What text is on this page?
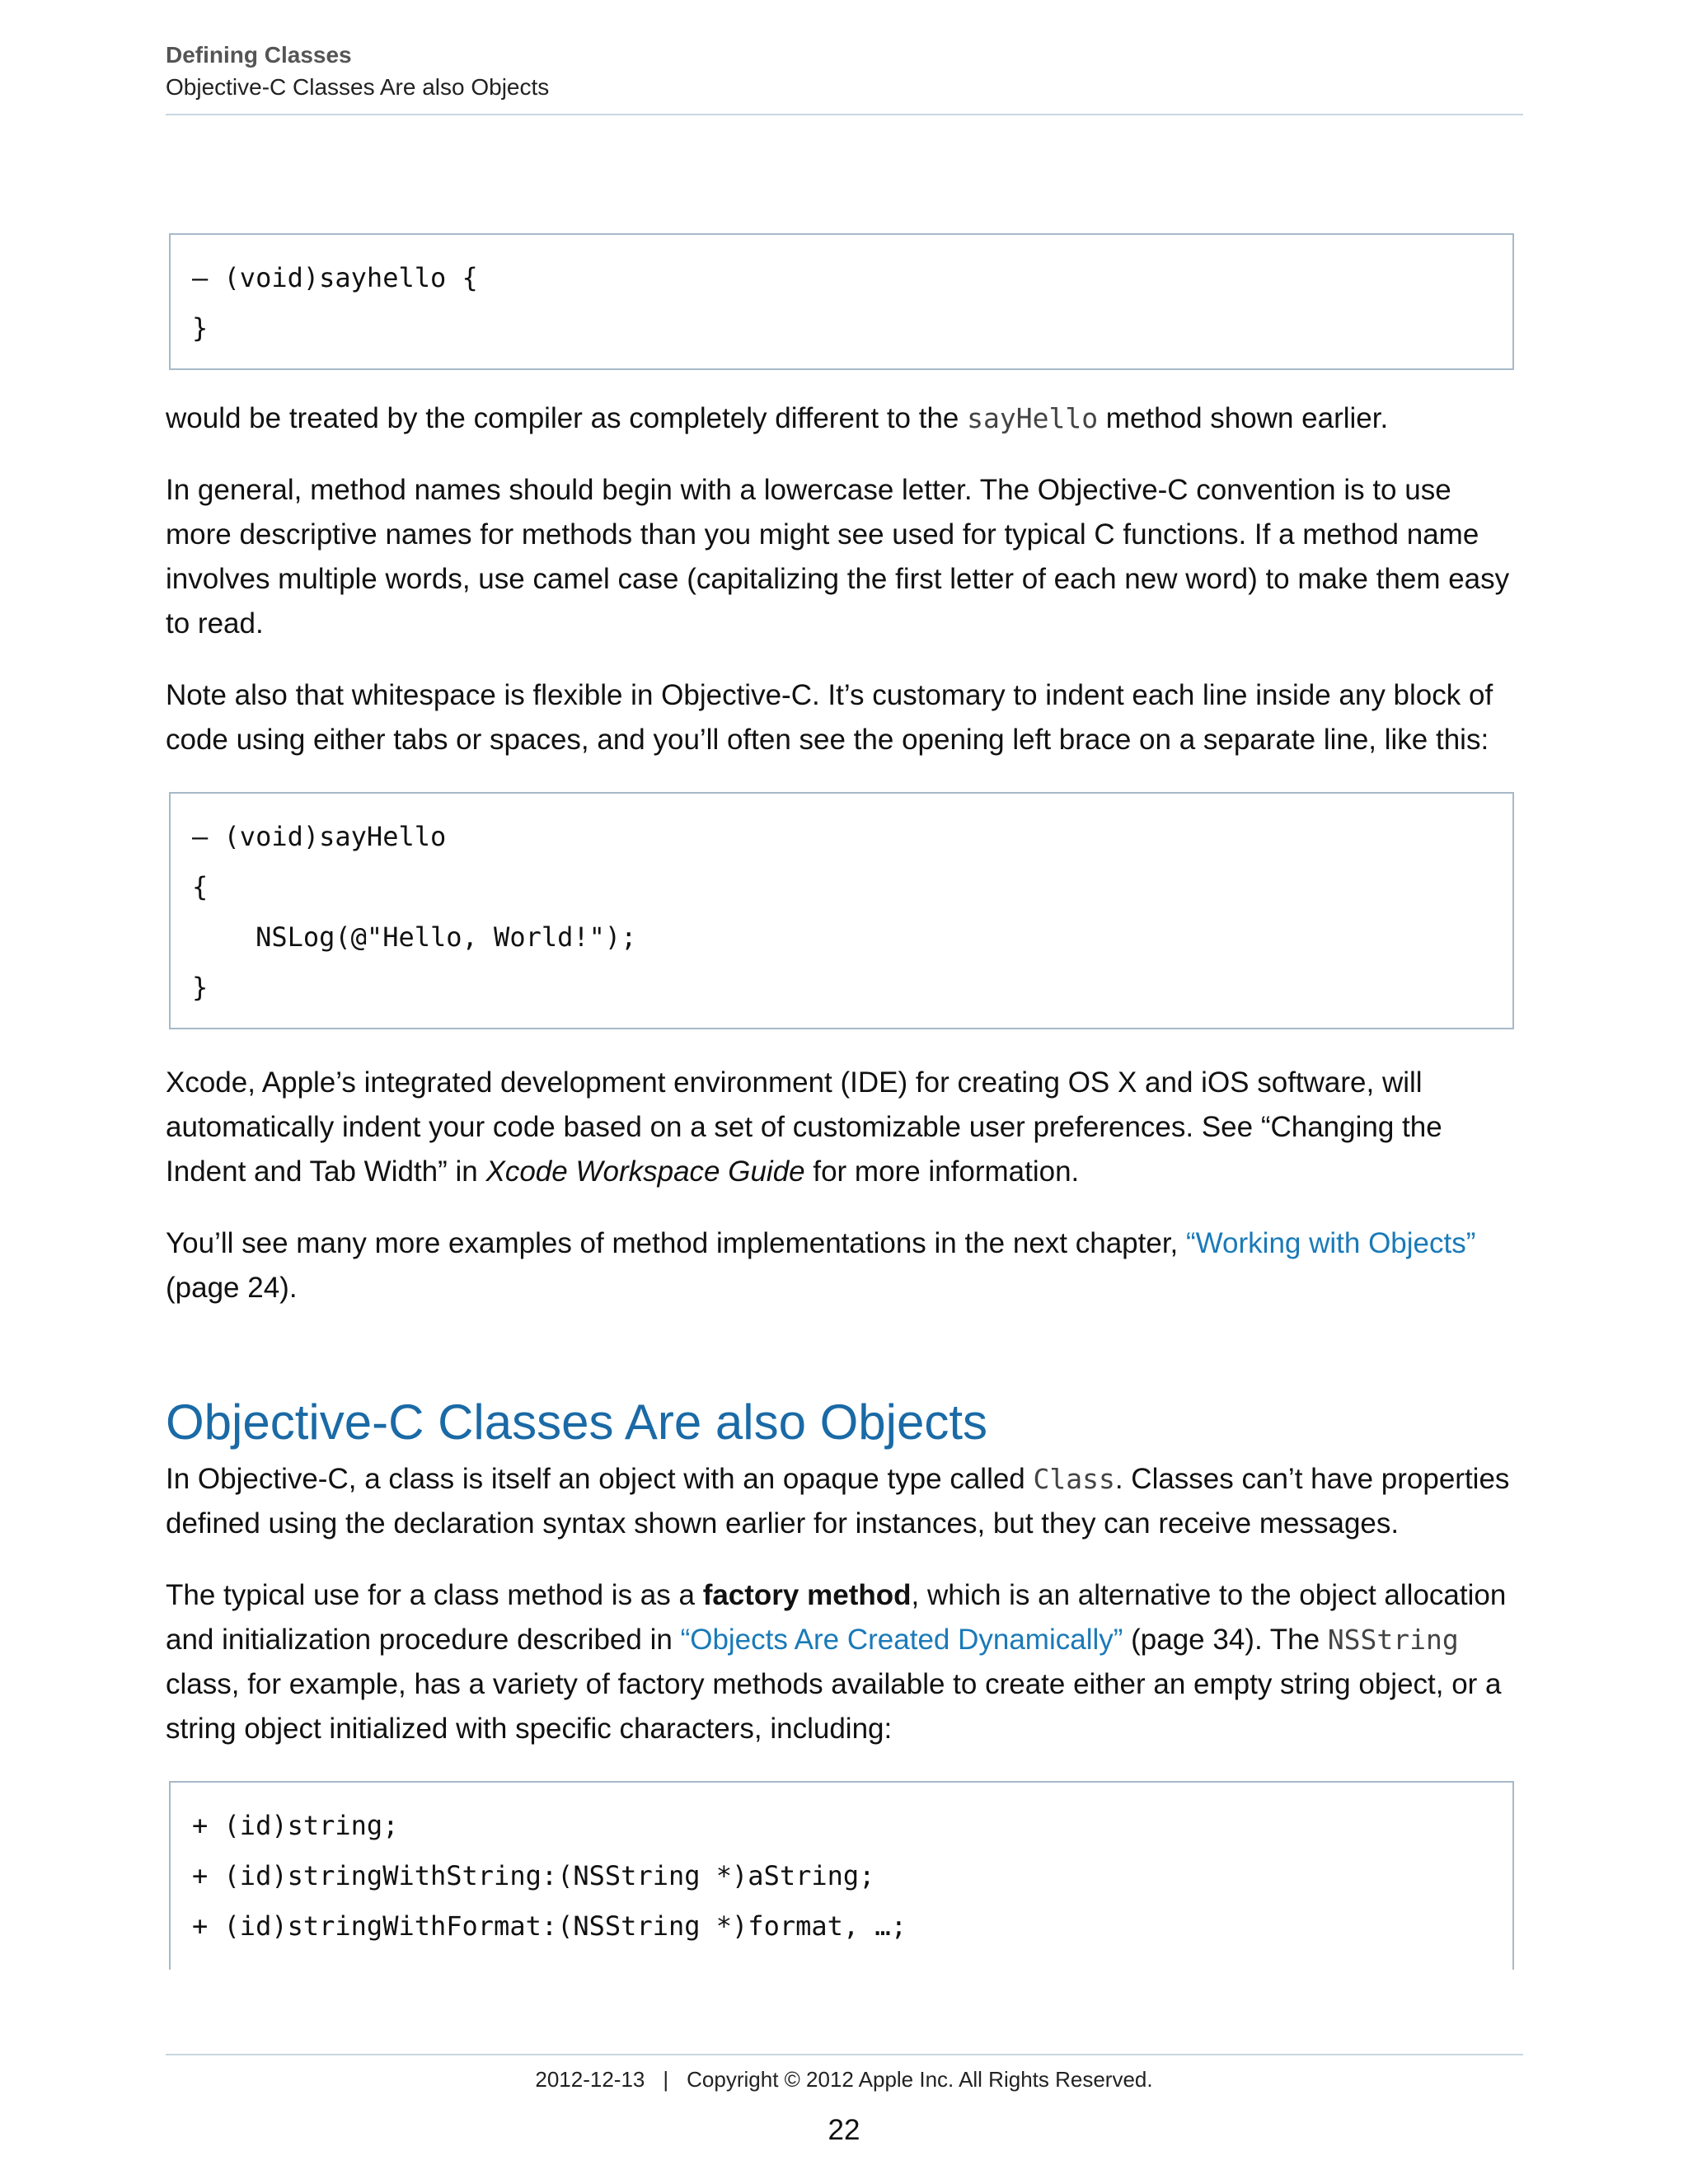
Defining Classes
Objective-C Classes Are also Objects
– (void)sayhello {
}

would be treated by the compiler as completely different to the sayHello method shown earlier.

In general, method names should begin with a lowercase letter. The Objective-C convention is to use more descriptive names for methods than you might see used for typical C functions. If a method name involves multiple words, use camel case (capitalizing the first letter of each new word) to make them easy to read.

Note also that whitespace is flexible in Objective-C. It’s customary to indent each line inside any block of code using either tabs or spaces, and you’ll often see the opening left brace on a separate line, like this:

– (void)sayHello
{
NSLog(@"Hello, World!");
}

Xcode, Apple’s integrated development environment (IDE) for creating OS X and iOS software, will automatically indent your code based on a set of customizable user preferences. See “Changing the Indent and Tab Width” in Xcode Workspace Guide for more information.

You’ll see many more examples of method implementations in the next chapter, “Working with Objects” (page 24).

Objective-C Classes Are also Objects

In Objective-C, a class is itself an object with an opaque type called Class. Classes can’t have properties defined using the declaration syntax shown earlier for instances, but they can receive messages.

The typical use for a class method is as a factory method, which is an alternative to the object allocation and initialization procedure described in “Objects Are Created Dynamically” (page 34). The NSString class, for example, has a variety of factory methods available to create either an empty string object, or a string object initialized with specific characters, including:

+ (id)string;
+ (id)stringWithString:(NSString *)aString;
+ (id)stringWithFormat:(NSString *)format, …;
2012-12-13 | Copyright © 2012 Apple Inc. All Rights Reserved.
22
